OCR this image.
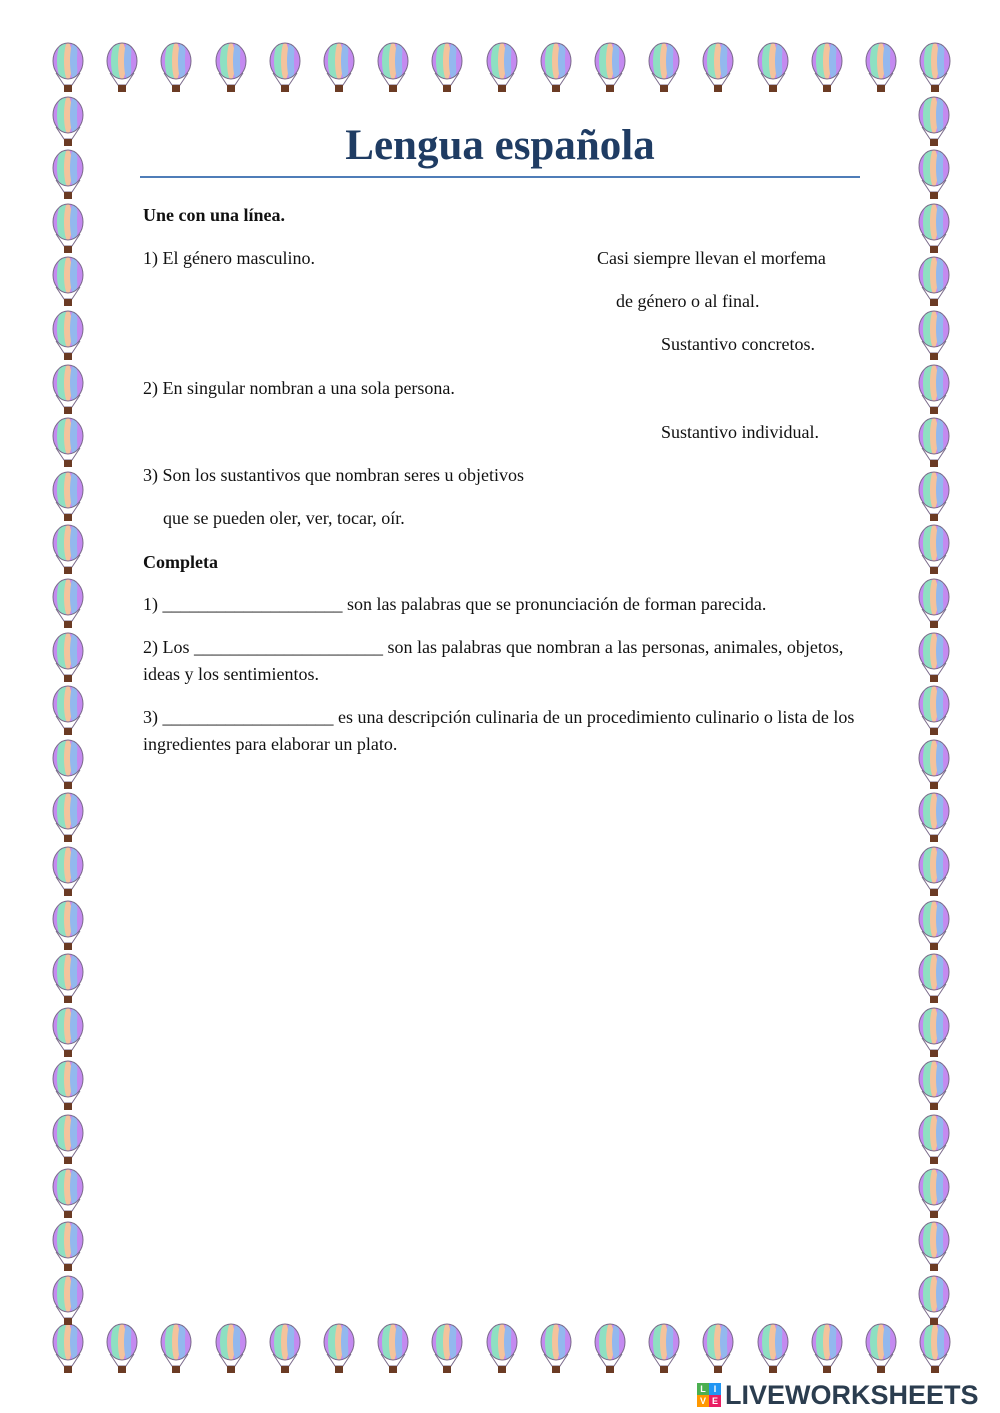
Lengua española

Une con una línea.

1) El género masculino.	Casi siempre llevan el morfema

de género o al final.

Sustantivo concretos.

2) En singular nombran a una sola persona.

Sustantivo individual.

3) Son los sustantivos que nombran seres u objetivos

que se pueden oler, ver, tocar, oír.

Completa

1) ____________________ son las palabras que se pronunciación de forman parecida.

2) Los _____________________ son las palabras que nombran a las personas, animales, objetos, ideas y los sentimientos.

3) ___________________ es una descripción culinaria de un procedimiento culinario o lista de los ingredientes para elaborar un plato.

L I
V E LIVEWORKSHEETS
